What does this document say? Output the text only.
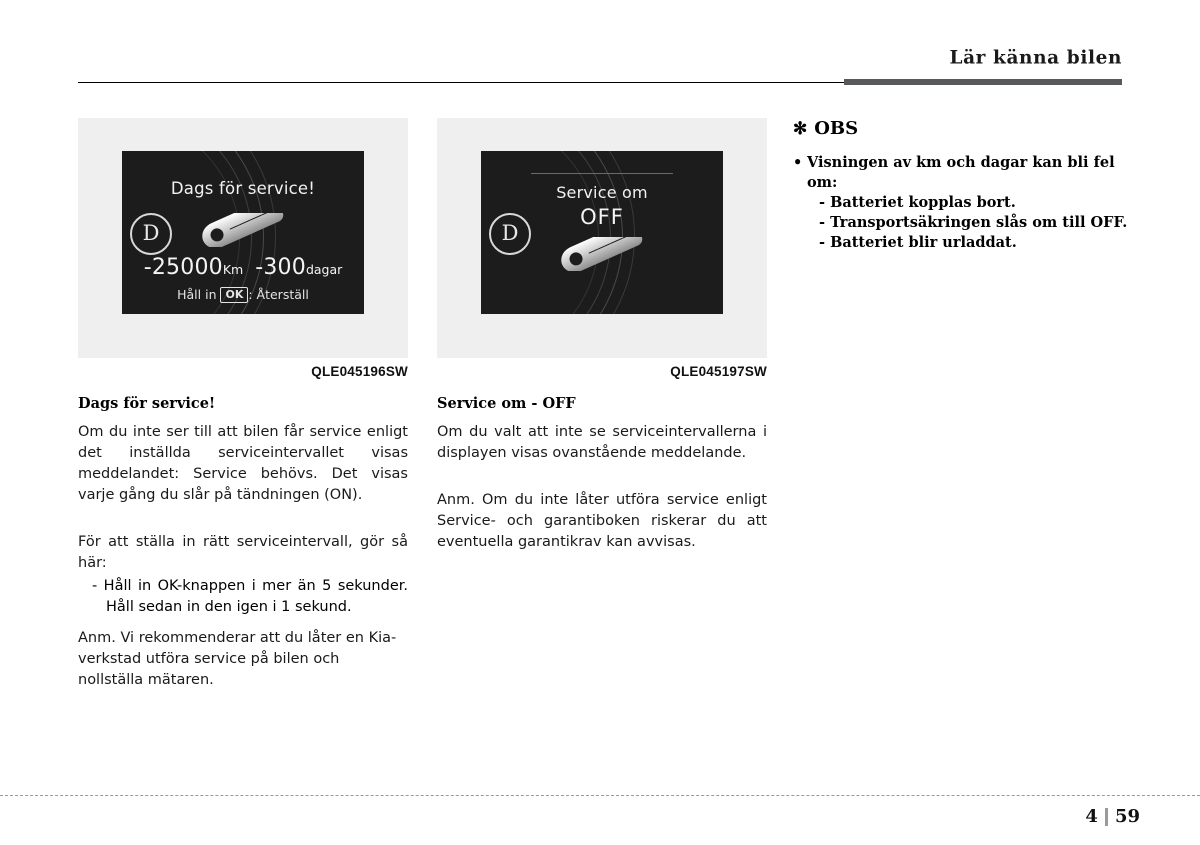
Lär känna bilen
D
Dags för service!
-25000Km -300dagar
Håll in OK : Återställ
QLE045196SW
Dags för service!

Om du inte ser till att bilen får service enligt det inställda serviceintervallet visas meddelandet: Service behövs. Det visas varje gång du slår på tändningen (ON).

För att ställa in rätt serviceintervall, gör så här:

- Håll in OK-knappen i mer än 5 sekunder. Håll sedan in den igen i 1 sekund.

Anm. Vi rekommenderar att du låter en Kia-verkstad utföra service på bilen och nollställa mätaren.

D
Service om
OFF
QLE045197SW
Service om - OFF

Om du valt att inte se serviceintervallerna i displayen visas ovanstående meddelande.

Anm. Om du inte låter utföra service enligt Service- och garantiboken riskerar du att eventuella garantikrav kan avvisas.

✻ OBS
• Visningen av km och dagar kan bli fel om:
- Batteriet kopplas bort.
- Transportsäkringen slås om till OFF.
- Batteriet blir urladdat.
4 59
